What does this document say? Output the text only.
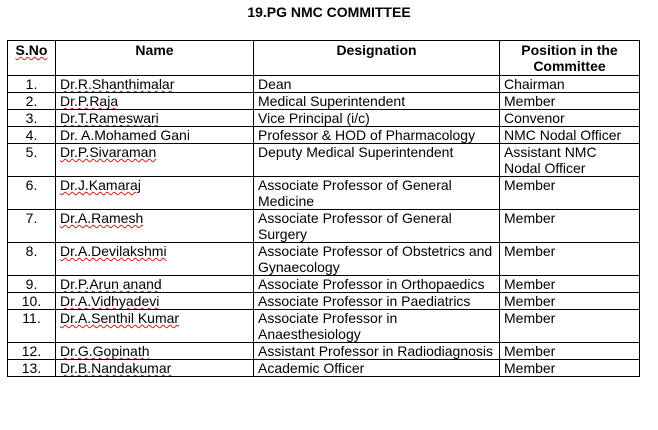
19.PG NMC COMMITTEE
S.No	Name	Designation	Position in the Committee
1.	Dr.R.Shanthimalar	Dean	Chairman
2.	Dr.P.Raja	Medical Superintendent	Member
3.	Dr.T.Rameswari	Vice Principal (i/c)	Convenor
4.	Dr. A.Mohamed Gani	Professor & HOD of Pharmacology	NMC Nodal Officer
5.	Dr.P.Sivaraman	Deputy Medical Superintendent	Assistant NMC Nodal Officer
6.	Dr.J.Kamaraj	Associate Professor of General Medicine	Member
7.	Dr.A.Ramesh	Associate Professor of General Surgery	Member
8.	Dr.A.Devilakshmi	Associate Professor of Obstetrics and Gynaecology	Member
9.	Dr.P.Arun anand	Associate Professor in Orthopaedics	Member
10.	Dr.A.Vidhyadevi	Associate Professor in Paediatrics	Member
11.	Dr.A.Senthil Kumar	Associate Professor in Anaesthesiology	Member
12.	Dr.G.Gopinath	Assistant Professor in Radiodiagnosis	Member
13.	Dr.B.Nandakumar	Academic Officer	Member
